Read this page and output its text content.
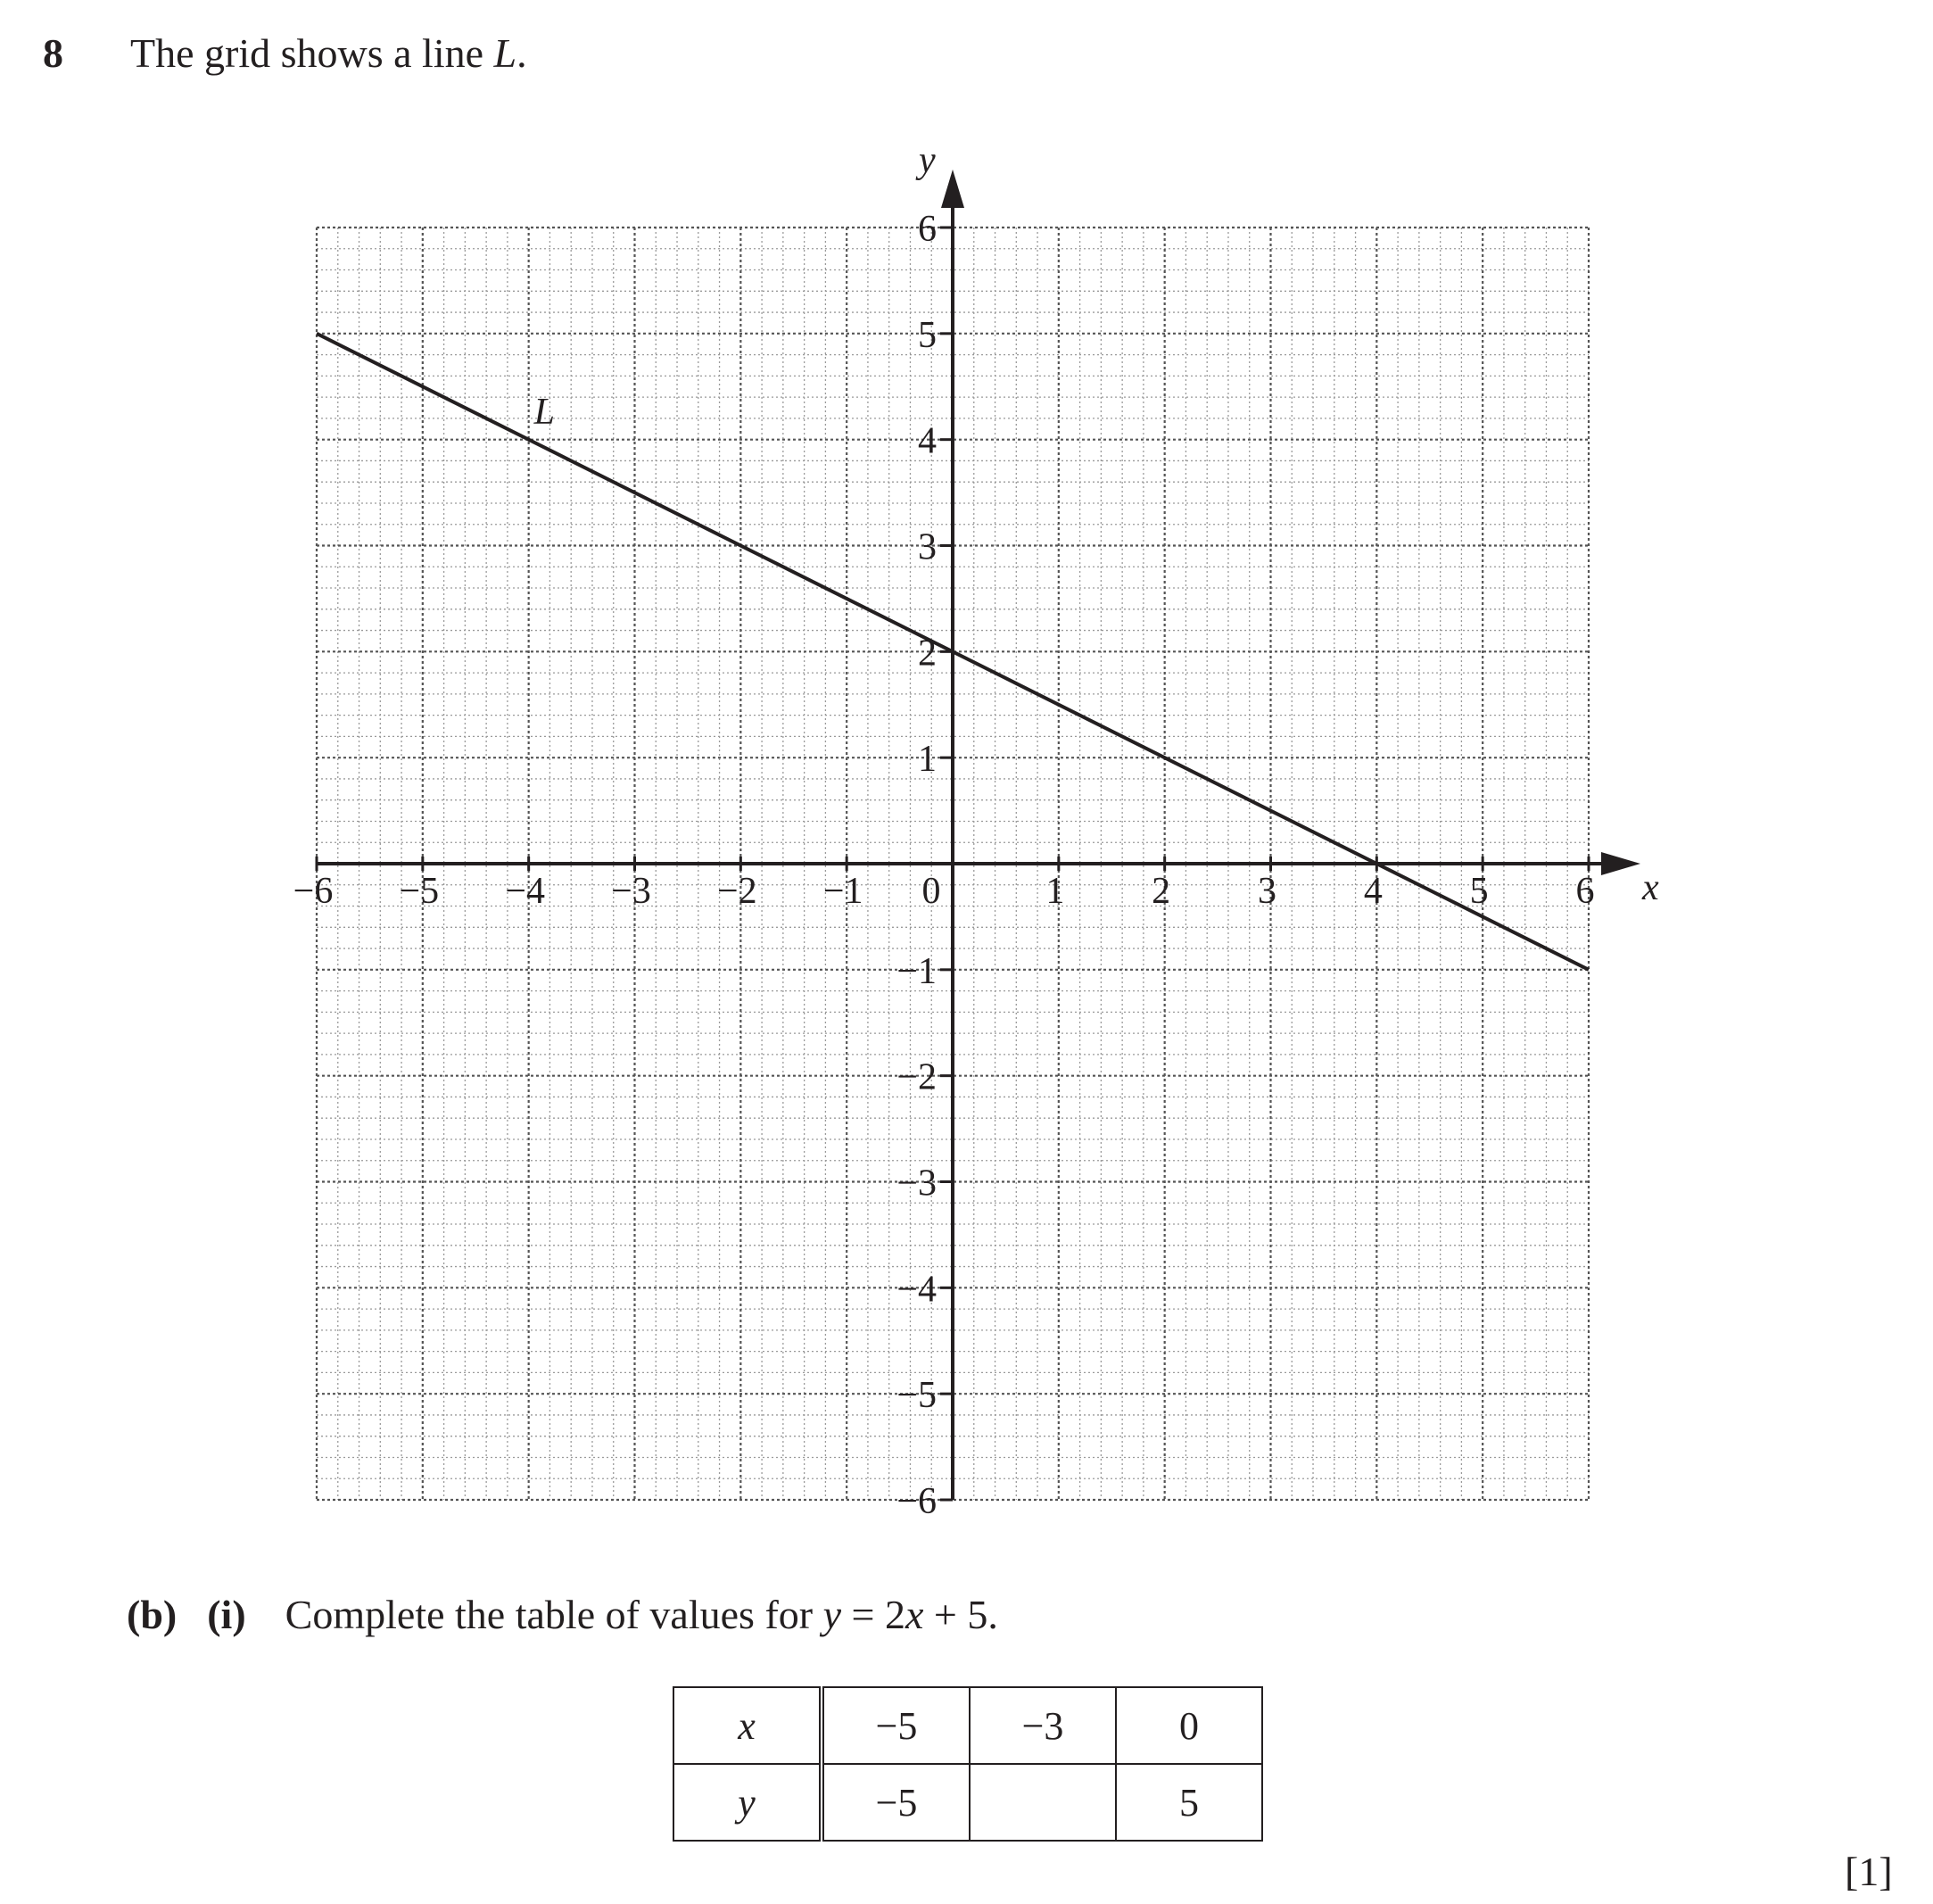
8 The grid shows a line L.
x
y
−6 −5 −4 −3 −2 −1 0	1 2 3 4 5 6
6
5
4
3
2
1
−1
−2
−3
−4
−5
−6
L
(b) (i) Complete the table of values for y = 2x + 5.
x	−5	−3	0
y	−5		5
[1]
